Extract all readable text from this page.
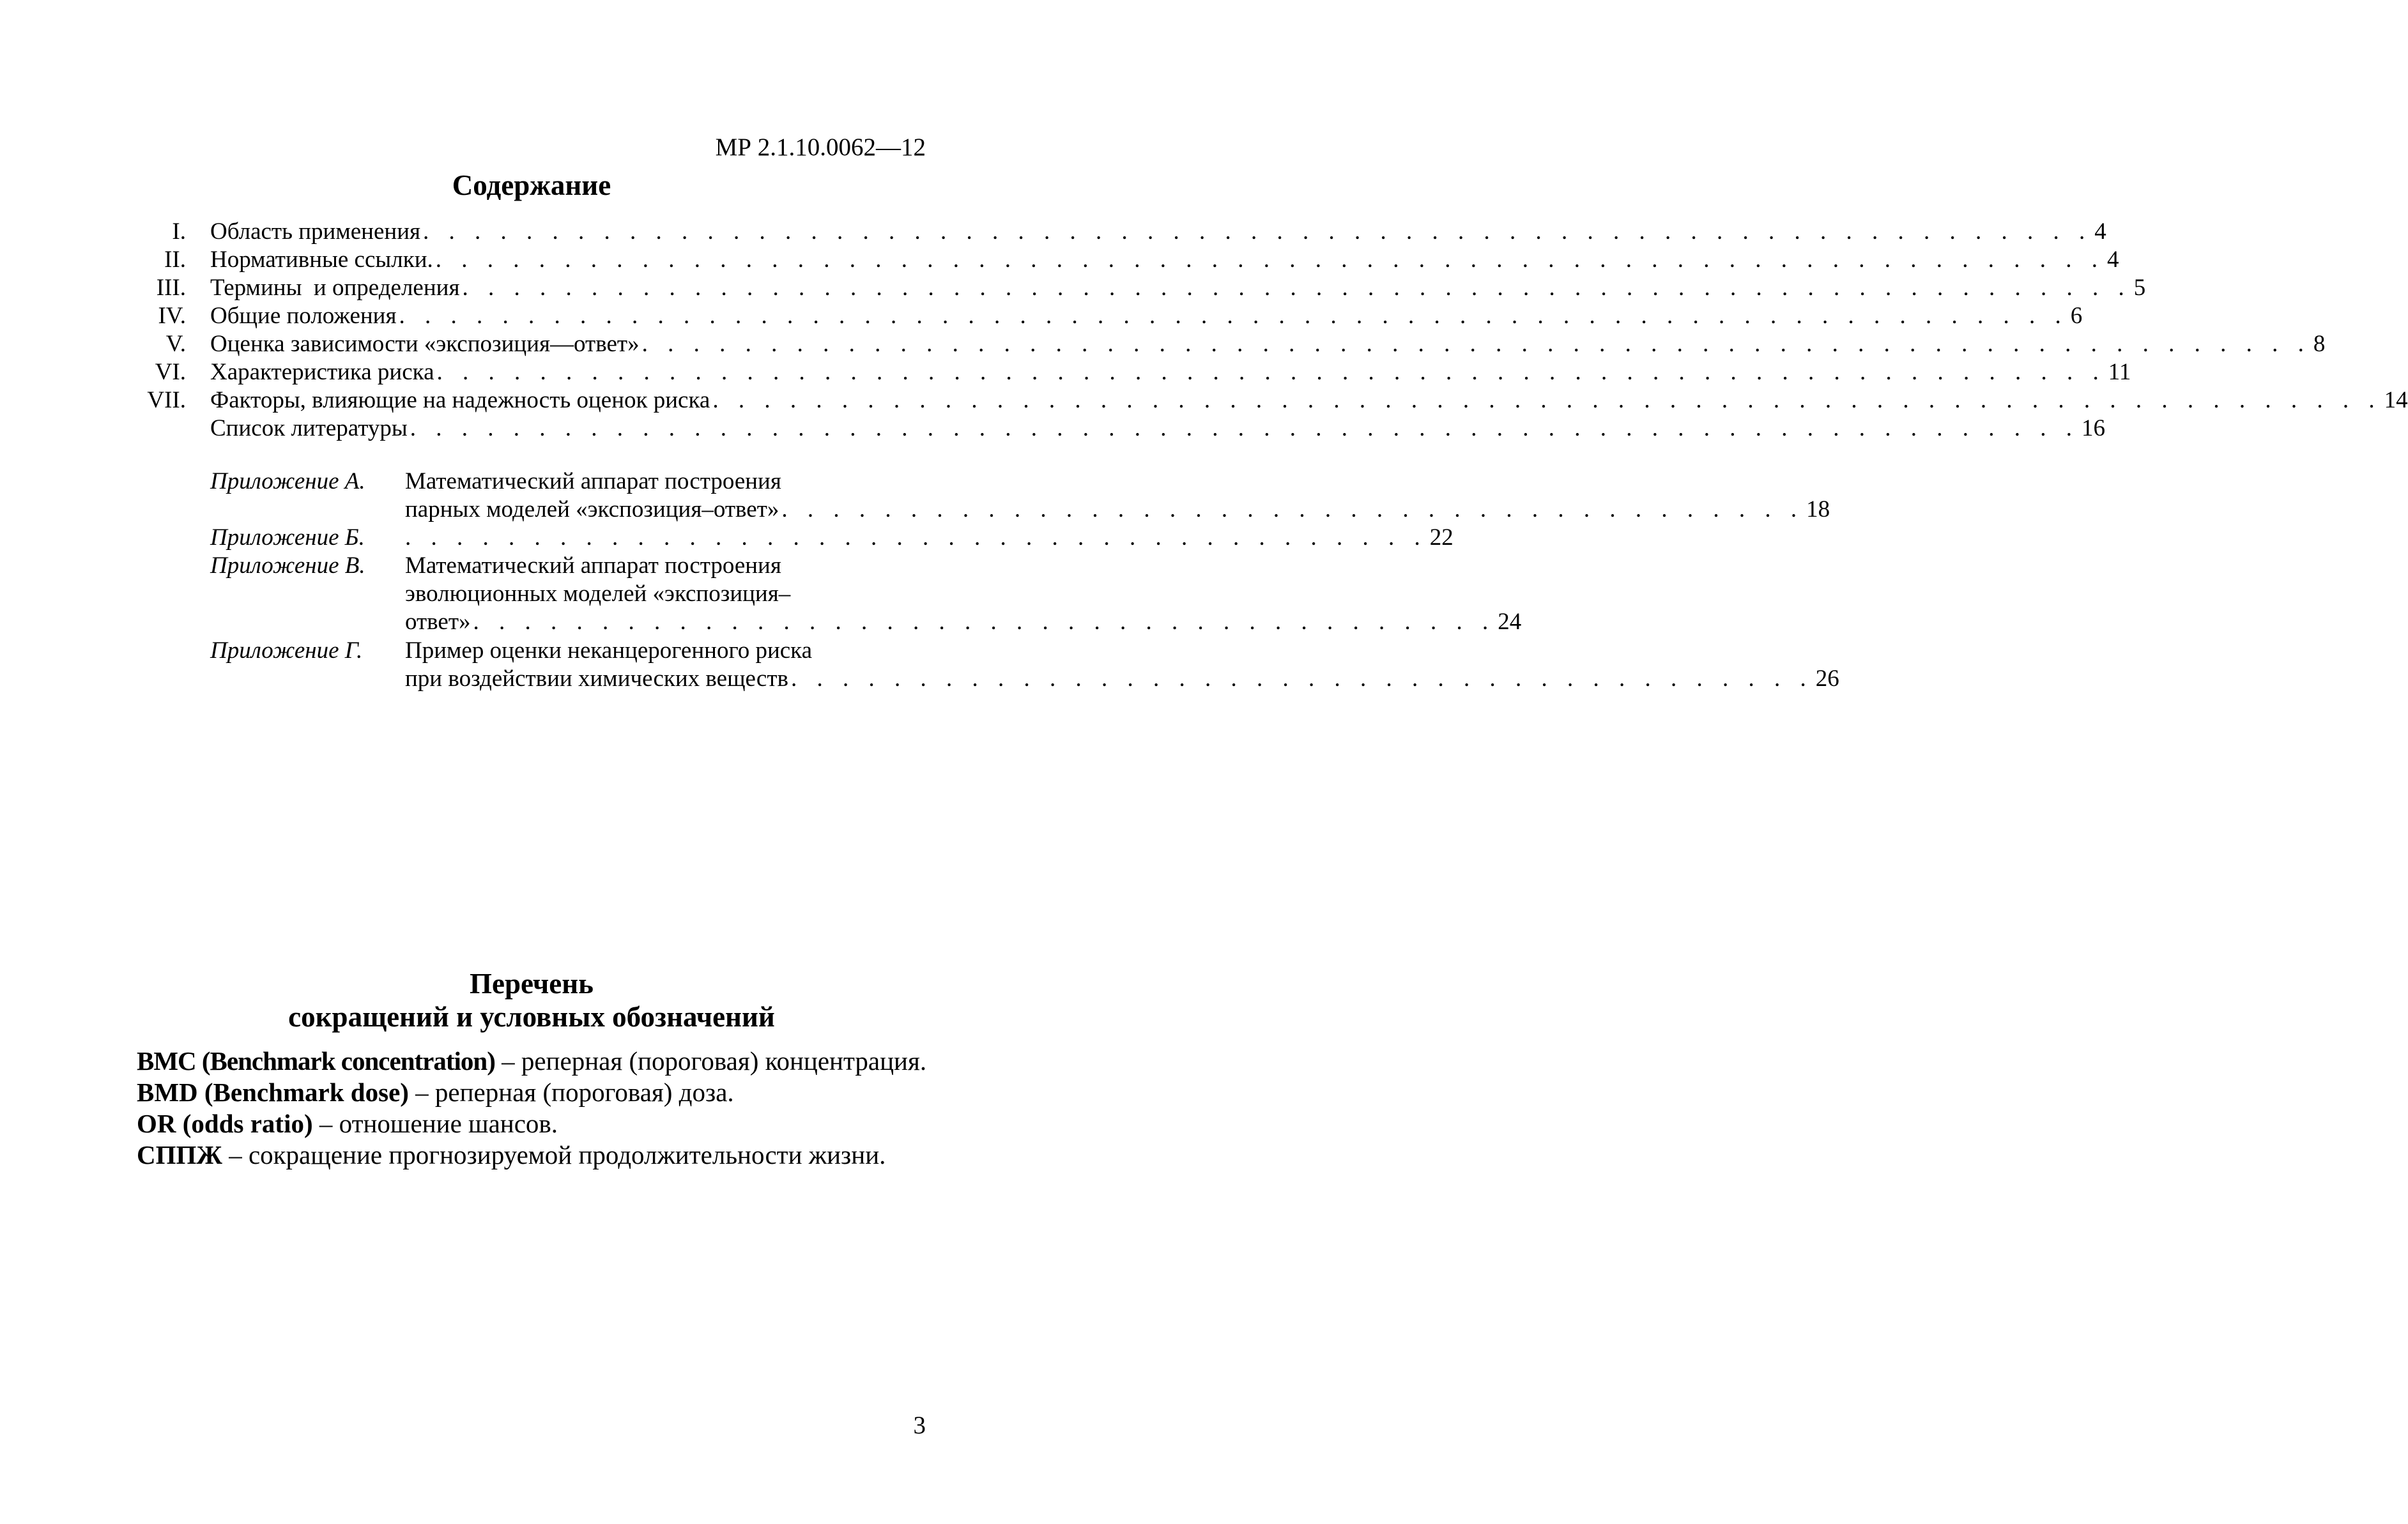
МР 2.1.10.0062—12
Содержание
I. Область применения . . . . . . . . . . . . . . . . . . . . . . . . . . . . . . . . . . . . . . . . . . . . . . . . . . . . . . . . . . . . . . . . . 4
II. Нормативные ссылки. . . . . . . . . . . . . . . . . . . . . . . . . . . . . . . . . . . . . . . . . . . . . . . . . . . . . . . . . . . . . . . . . . 4
III. Термины  и определения . . . . . . . . . . . . . . . . . . . . . . . . . . . . . . . . . . . . . . . . . . . . . . . . . . . . . . . . . . . . . . . . . 5
IV. Общие положения . . . . . . . . . . . . . . . . . . . . . . . . . . . . . . . . . . . . . . . . . . . . . . . . . . . . . . . . . . . . . . . . . 6
V. Оценка зависимости «экспозиция—ответ» . . . . . . . . . . . . . . . . . . . . . . . . . . . . . . . . . . . . . . . . . . . . . . . . . . . . . . . . . . . . . . . . . 8
VI. Характеристика риска . . . . . . . . . . . . . . . . . . . . . . . . . . . . . . . . . . . . . . . . . . . . . . . . . . . . . . . . . . . . . . . . . 11
VII. Факторы, влияющие на надежность оценок риска . . . . . . . . . . . . . . . . . . . . . . . . . . . . . . . . . . . . . . . . . . . . . . . . . . . . . . . . . . . . . . . . . 14
Список литературы . . . . . . . . . . . . . . . . . . . . . . . . . . . . . . . . . . . . . . . . . . . . . . . . . . . . . . . . . . . . . . . . . 16
Приложение А. Математический аппарат построения
парных моделей «экспозиция–ответ» . . . . . . . . . . . . . . . . . . . . . . . . . . . . . . . . . . . . . . . . 18
Приложение Б. . . . . . . . . . . . . . . . . . . . . . . . . . . . . . . . . . . . . . . . . 22
Приложение В. Математический аппарат построения
эволюционных моделей «экспозиция–
ответ» . . . . . . . . . . . . . . . . . . . . . . . . . . . . . . . . . . . . . . . . 24
Приложение Г. Пример оценки неканцерогенного риска
при воздействии химических веществ . . . . . . . . . . . . . . . . . . . . . . . . . . . . . . . . . . . . . . . . 26
Перечень
сокращений и условных обозначений
BMC (Benchmark concentration) – реперная (пороговая) концентрация.
BMD (Benchmark dose) – реперная (пороговая) доза.
OR (odds ratio) – отношение шансов.
СППЖ – сокращение прогнозируемой продолжительности жизни.
3
